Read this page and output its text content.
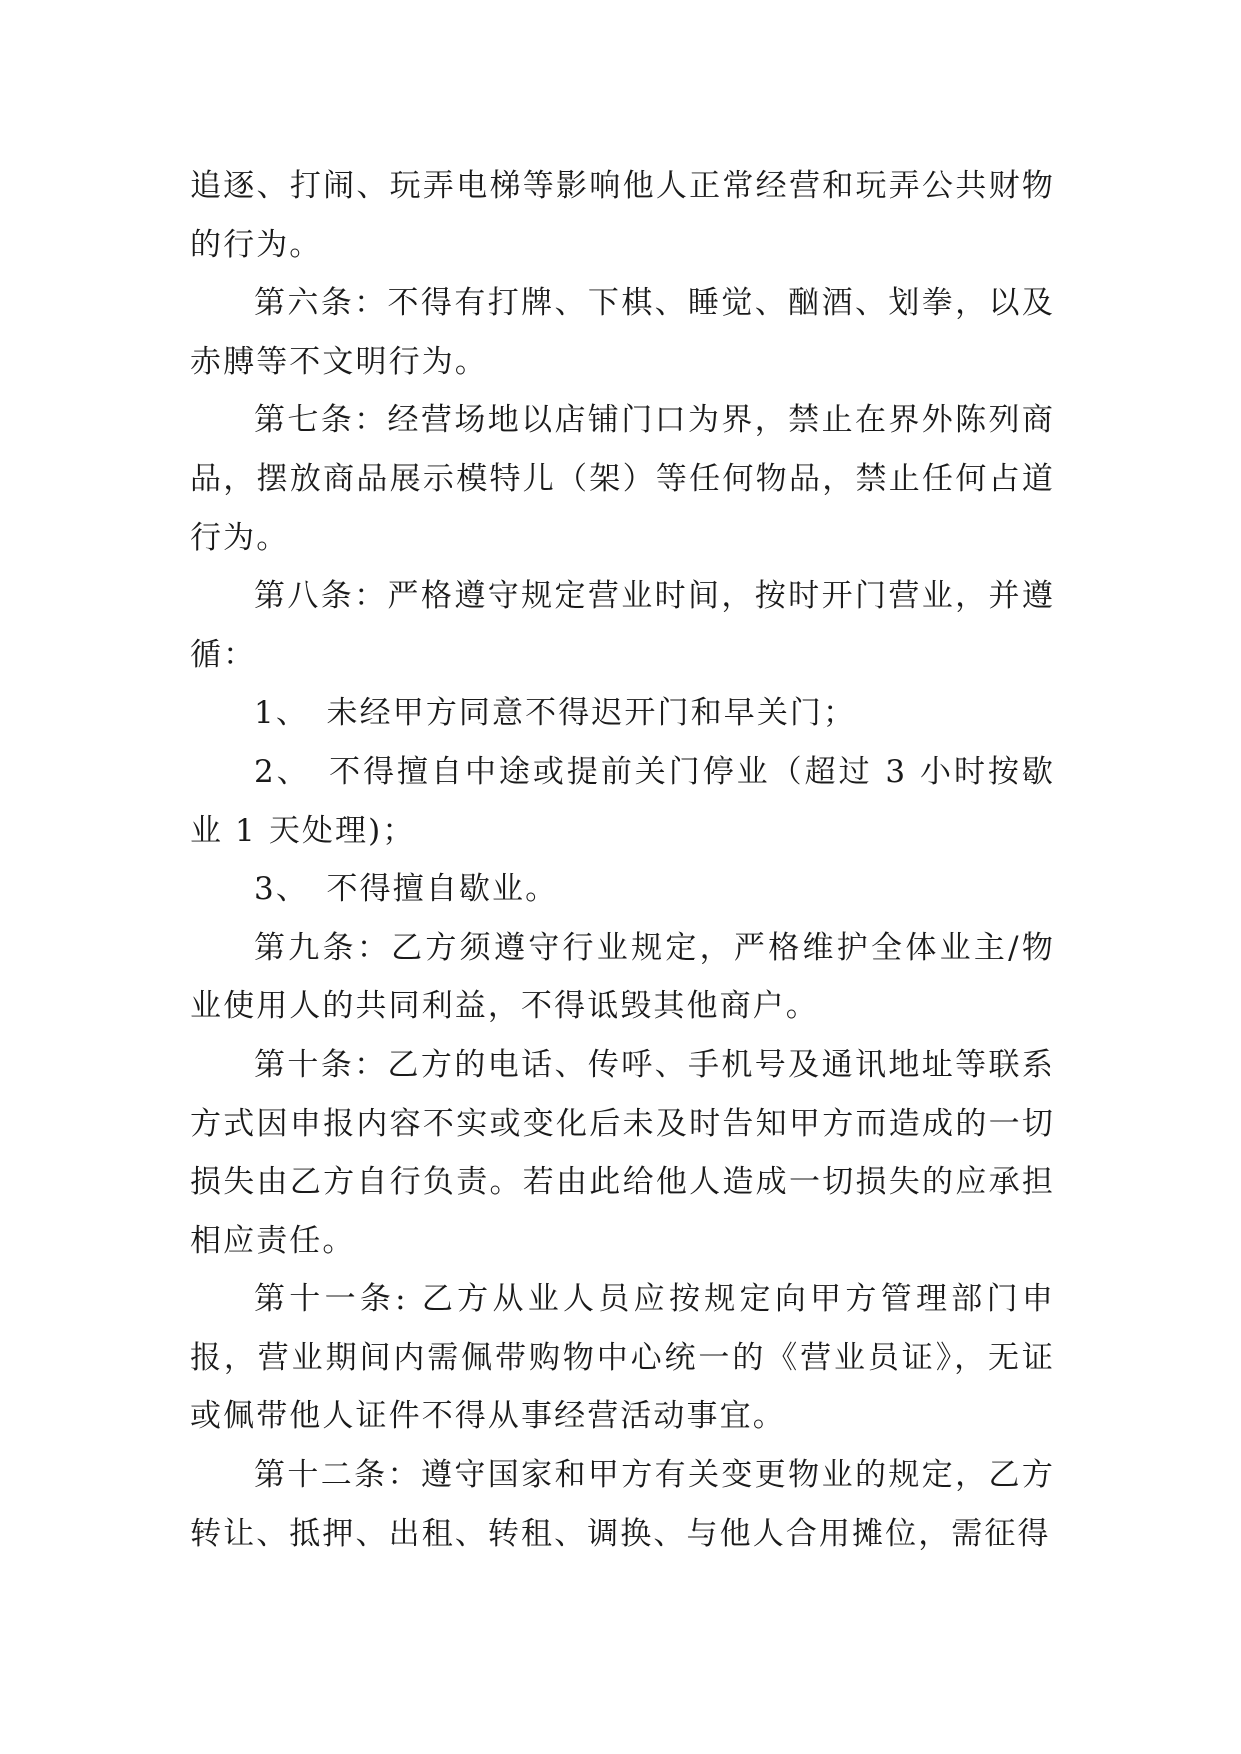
追逐、打闹、玩弄电梯等影响他人正常经营和玩弄公共财物的行为。

第六条：不得有打牌、下棋、睡觉、酗酒、划拳，以及赤膊等不文明行为。

第七条：经营场地以店铺门口为界，禁止在界外陈列商品，摆放商品展示模特儿（架）等任何物品，禁止任何占道行为。

第八条：严格遵守规定营业时间，按时开门营业，并遵循：

1、　未经甲方同意不得迟开门和早关门；

2、　不得擅自中途或提前关门停业（超过 3 小时按歇业 1 天处理)；

3、　不得擅自歇业。

第九条：乙方须遵守行业规定，严格维护全体业主/物业使用人的共同利益，不得诋毁其他商户。

第十条：乙方的电话、传呼、手机号及通讯地址等联系方式因申报内容不实或变化后未及时告知甲方而造成的一切损失由乙方自行负责。若由此给他人造成一切损失的应承担相应责任。

第十一条: 乙方从业人员应按规定向甲方管理部门申报，营业期间内需佩带购物中心统一的《营业员证》，无证或佩带他人证件不得从事经营活动事宜。

第十二条：遵守国家和甲方有关变更物业的规定，乙方转让、抵押、出租、转租、调换、与他人合用摊位，需征得
